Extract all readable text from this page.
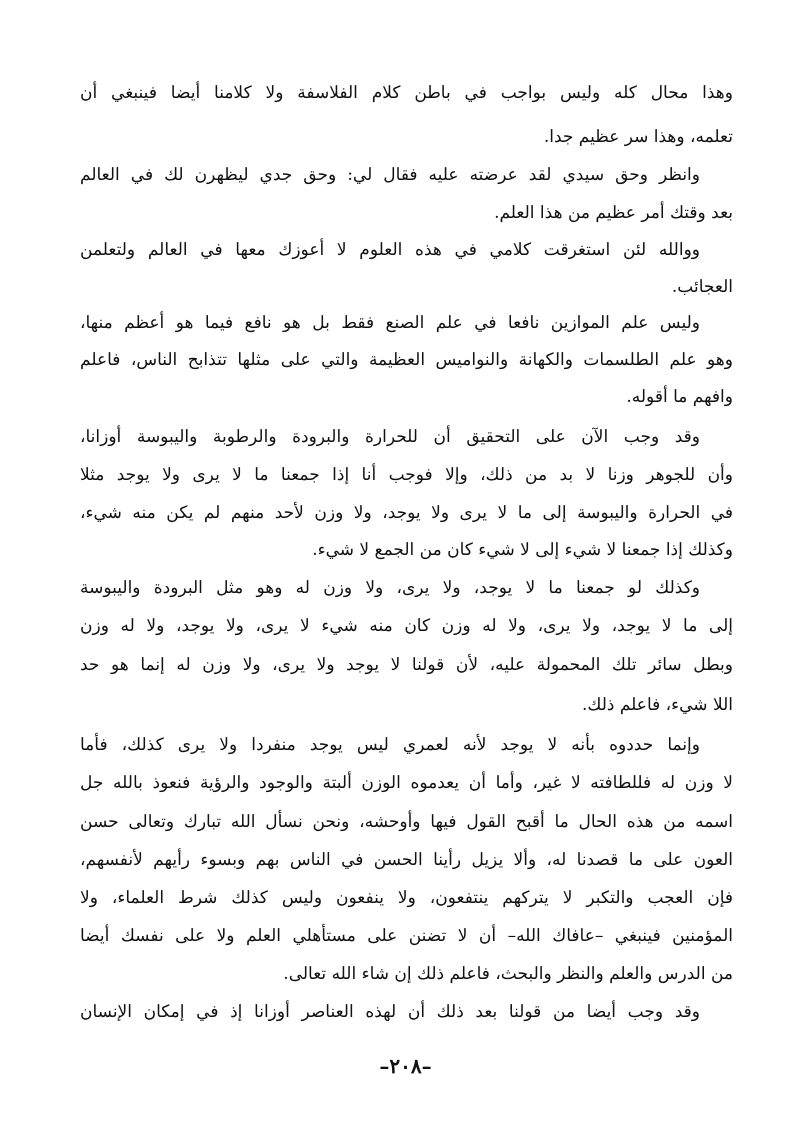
وهذا محال كله وليس بواجب في باطن كلام الفلاسفة ولا كلامنا أيضا فينبغي أن
تعلمه، وهذا سر عظيم جدا.
وانظر وحق سيدي لقد عرضته عليه فقال لي: وحق جدي ليظهرن لك في العالم
بعد وقتك أمر عظيم من هذا العلم.
ووالله لئن استغرقت كلامي في هذه العلوم لا أعوزك معها في العالم ولتعلمن
العجائب.
وليس علم الموازين نافعا في علم الصنع فقط بل هو نافع فيما هو أعظم منها،
وهو علم الطلسمات والكهانة والنواميس العظيمة والتي على مثلها تتذابح الناس، فاعلم
وافهم ما أقوله.
وقد وجب الآن على التحقيق أن للحرارة والبرودة والرطوبة واليبوسة أوزانا،
وأن للجوهر وزنا لا بد من ذلك، وإلا فوجب أنا إذا جمعنا ما لا يرى ولا يوجد مثلا
في الحرارة واليبوسة إلى ما لا يرى ولا يوجد، ولا وزن لأحد منهم لم يكن منه شيء،
وكذلك إذا جمعنا لا شيء إلى لا شيء كان من الجمع لا شيء.
وكذلك لو جمعنا ما لا يوجد، ولا يرى، ولا وزن له وهو مثل البرودة واليبوسة
إلى ما لا يوجد، ولا يرى، ولا له وزن كان منه شيء لا يرى، ولا يوجد، ولا له وزن
وبطل سائر تلك المحمولة عليه، لأن قولنا لا يوجد ولا يرى، ولا وزن له إنما هو حد
اللا شيء، فاعلم ذلك.
وإنما حددوه بأنه لا يوجد لأنه لعمري ليس يوجد منفردا ولا يرى كذلك، فأما
لا وزن له فللطافته لا غير، وأما أن يعدموه الوزن ألبتة والوجود والرؤية فنعوذ بالله جل
اسمه من هذه الحال ما أقبح القول فيها وأوحشه، ونحن نسأل الله تبارك وتعالى حسن
العون على ما قصدنا له، وألا يزيل رأينا الحسن في الناس بهم وبسوء رأيهم لأنفسهم،
فإن العجب والتكبر لا يتركهم ينتفعون، ولا ينفعون وليس كذلك شرط العلماء، ولا
المؤمنين فينبغي –عافاك الله– أن لا تضنن على مستأهلي العلم ولا على نفسك أيضا
من الدرس والعلم والنظر والبحث، فاعلم ذلك إن شاء الله تعالى.
وقد وجب أيضا من قولنا بعد ذلك أن لهذه العناصر أوزانا إذ في إمكان الإنسان
–٢٠٨–
